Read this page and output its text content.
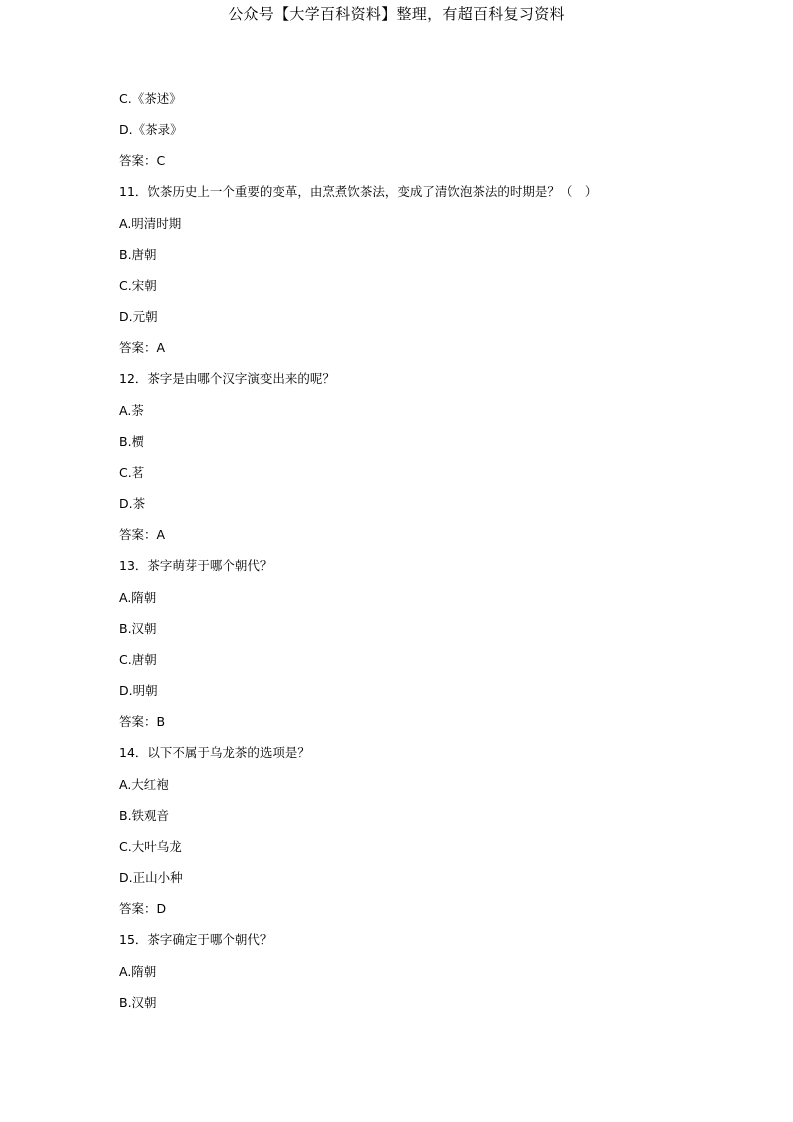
公众号【大学百科资料】整理，有超百科复习资料
C.《茶述》
D.《茶录》
答案：C
11．饮茶历史上一个重要的变革，由烹煮饮茶法，变成了清饮泡茶法的时期是？（　）
A.明清时期
B.唐朝
C.宋朝
D.元朝
答案：A
12．茶字是由哪个汉字演变出来的呢？
A.荼
B.槚
C.茗
D.茶
答案：A
13．茶字萌芽于哪个朝代？
A.隋朝
B.汉朝
C.唐朝
D.明朝
答案：B
14．以下不属于乌龙茶的选项是？
A.大红袍
B.铁观音
C.大叶乌龙
D.正山小种
答案：D
15．茶字确定于哪个朝代？
A.隋朝
B.汉朝
